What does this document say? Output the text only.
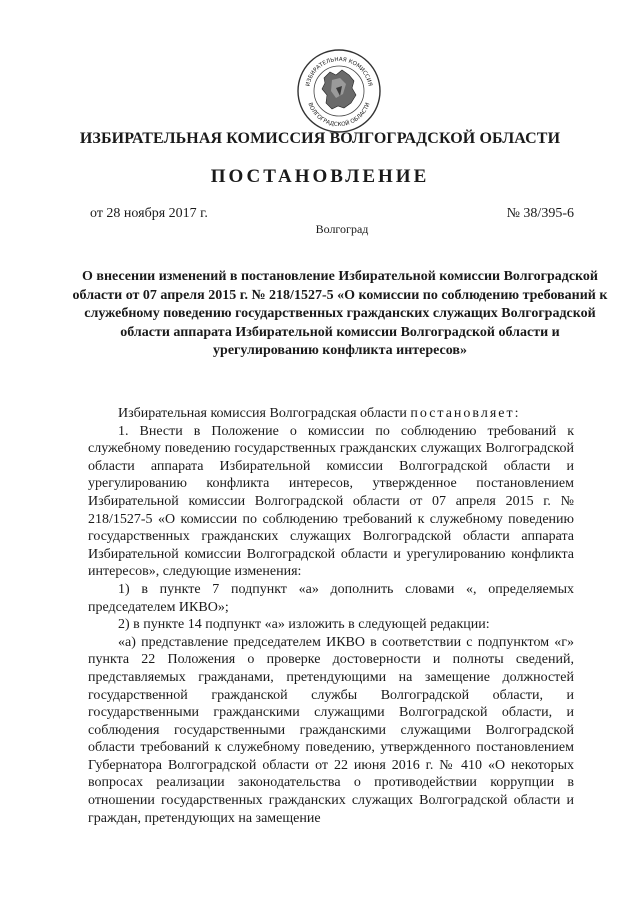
ИЗБИРАТЕЛЬНАЯ КОМИССИЯ
ВОЛГОГРАДСКОЙ ОБЛАСТИ
ИЗБИРАТЕЛЬНАЯ КОМИССИЯ ВОЛГОГРАДСКОЙ ОБЛАСТИ
ПОСТАНОВЛЕНИЕ
от 28 ноября 2017 г.	№ 38/395-6
Волгоград
О внесении изменений в постановление Избирательной комиссии Волгоградской области от 07 апреля 2015 г. № 218/1527-5 «О комиссии по соблюдению требований к служебному поведению государственных гражданских служащих Волгоградской области аппарата Избирательной комиссии Волгоградской области и урегулированию конфликта интересов»

Избирательная комиссия Волгоградская области постановляет:

1. Внести в Положение о комиссии по соблюдению требований к служебному поведению государственных гражданских служащих Волгоградской области аппарата Избирательной комиссии Волгоградской области и урегулированию конфликта интересов, утвержденное постановлением Избирательной комиссии Волгоградской области от 07 апреля 2015 г. № 218/1527-5 «О комиссии по соблюдению требований к служебному поведению государственных гражданских служащих Волгоградской области аппарата Избирательной комиссии Волгоградской области и урегулированию конфликта интересов», следующие изменения:

1) в пункте 7 подпункт «а» дополнить словами «, определяемых председателем ИКВО»;

2) в пункте 14 подпункт «а» изложить в следующей редакции:

«а) представление председателем ИКВО в соответствии с подпунктом «г» пункта 22 Положения о проверке достоверности и полноты сведений, представляемых гражданами, претендующими на замещение должностей государственной гражданской службы Волгоградской области, и государственными гражданскими служащими Волгоградской области, и соблюдения государственными гражданскими служащими Волгоградской области требований к служебному поведению, утвержденного постановлением Губернатора Волгоградской области от 22 июня 2016 г. № 410 «О некоторых вопросах реализации законодательства о противодействии коррупции в отношении государственных гражданских служащих Волгоградской области и граждан, претендующих на замещение
